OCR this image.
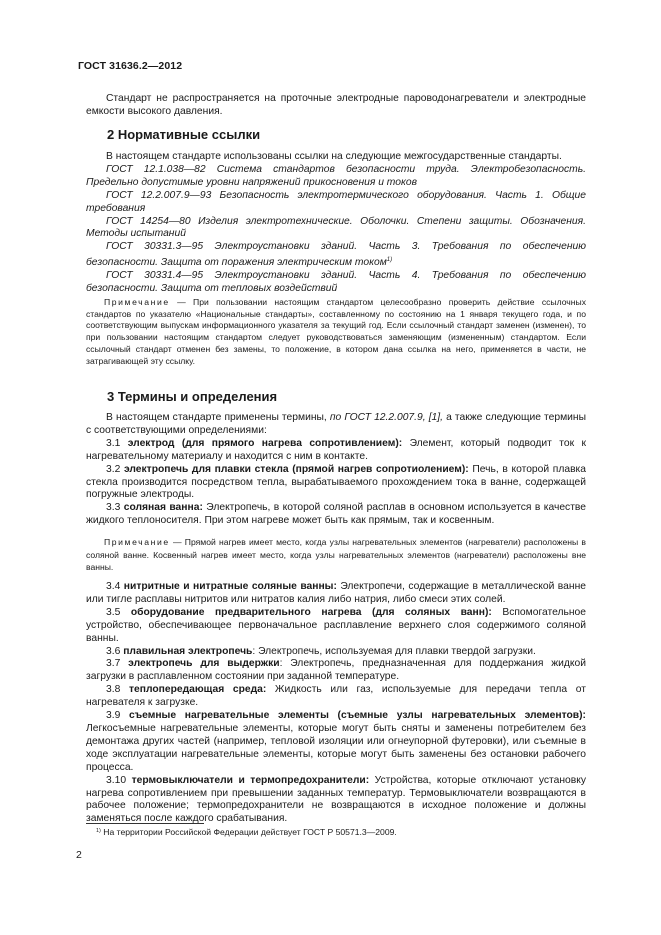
ГОСТ 31636.2—2012
Стандарт не распространяется на проточные электродные пароводонагреватели и электродные емкости высокого давления.
2 Нормативные ссылки

В настоящем стандарте использованы ссылки на следующие межгосударственные стандарты.

ГОСТ 12.1.038—82 Система стандартов безопасности труда. Электробезопасность. Предельно допустимые уровни напряжений прикосновения и токов

ГОСТ 12.2.007.9—93 Безопасность электротермического оборудования. Часть 1. Общие требования

ГОСТ 14254—80 Изделия электротехнические. Оболочки. Степени защиты. Обозначения. Методы испытаний

ГОСТ 30331.3—95 Электроустановки зданий. Часть 3. Требования по обеспечению безопасности. Защита от поражения электрическим током$^{1)}$

ГОСТ 30331.4—95 Электроустановки зданий. Часть 4. Требования по обеспечению безопасности. Защита от тепловых воздействий

Примечание — При пользовании настоящим стандартом целесообразно проверить действие ссылочных стандартов по указателю «Национальные стандарты», составленному по состоянию на 1 января текущего года, и по соответствующим выпускам информационного указателя за текущий год. Если ссылочный стандарт заменен (изменен), то при пользовании настоящим стандартом следует руководствоваться заменяющим (измененным) стандартом. Если ссылочный стандарт отменен без замены, то положение, в котором дана ссылка на него, применяется в части, не затрагивающей эту ссылку.
3 Термины и определения

В настоящем стандарте применены термины, по ГОСТ 12.2.007.9, [1], а также следующие термины с соответствующими определениями:

3.1 электрод (для прямого нагрева сопротивлением): Элемент, который подводит ток к нагревательному материалу и находится с ним в контакте.

3.2 электропечь для плавки стекла (прямой нагрев сопротиолением): Печь, в которой плавка стекла производится посредством тепла, вырабатываемого прохождением тока в ванне, содержащей погружные электроды.

3.3 соляная ванна: Электропечь, в которой соляной расплав в основном используется в качестве жидкого теплоносителя. При этом нагреве может быть как прямым, так и косвенным.

Примечание — Прямой нагрев имеет место, когда узлы нагревательных элементов (нагреватели) расположены в соляной ванне. Косвенный нагрев имеет место, когда узлы нагревательных элементов (нагреватели) расположены вне ванны.

3.4 нитритные и нитратные соляные ванны: Электропечи, содержащие в металлической ванне или тигле расплавы нитритов или нитратов калия либо натрия, либо смеси этих солей.

3.5 оборудование предварительного нагрева (для соляных ванн): Вспомогательное устройство, обеспечивающее первоначальное расплавление верхнего слоя содержимого соляной ванны.

3.6 плавильная электропечь: Электропечь, используемая для плавки твердой загрузки.

3.7 электропечь для выдержки: Электропечь, предназначенная для поддержания жидкой загрузки в расплавленном состоянии при заданной температуре.

3.8 теплопередающая среда: Жидкость или газ, используемые для передачи тепла от нагревателя к загрузке.

3.9 съемные нагревательные элементы (съемные узлы нагревательных элементов): Легкосъемные нагревательные элементы, которые могут быть сняты и заменены потребителем без демонтажа других частей (например, тепловой изоляции или огнеупорной футеровки), или съемные в ходе эксплуатации нагревательные элементы, которые могут быть заменены без остановки рабочего процесса.

3.10 термовыключатели и термопредохранители: Устройства, которые отключают установку нагрева сопротивлением при превышении заданных температур. Термовыключатели возвращаются в рабочее положение; термопредохранители не возвращаются в исходное положение и должны заменяться после каждого срабатывания.

$^{1)}$ На территории Российской Федерации действует ГОСТ Р 50571.3—2009.
2
